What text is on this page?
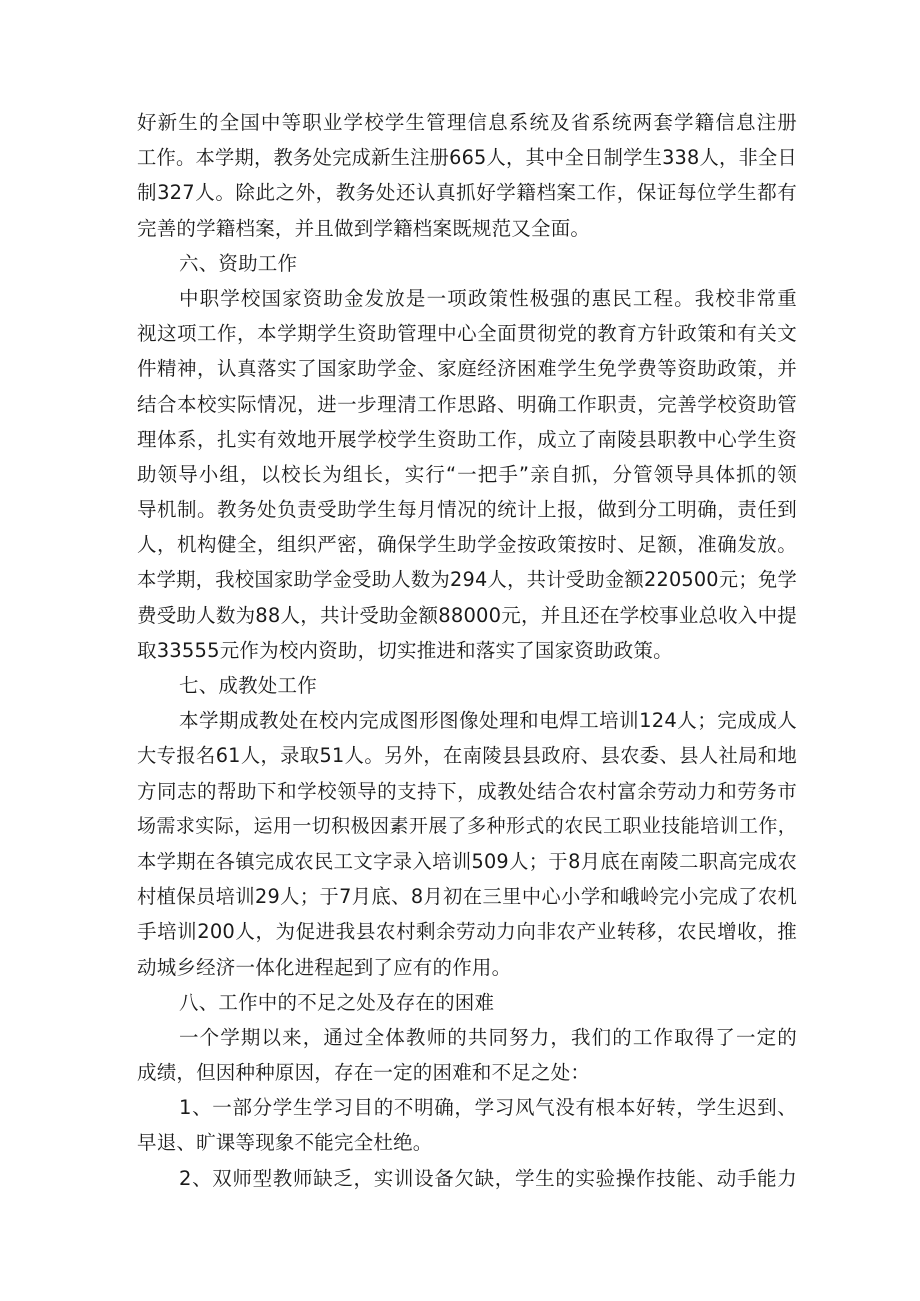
好新生的全国中等职业学校学生管理信息系统及省系统两套学籍信息注册
工作。本学期，教务处完成新生注册665人，其中全日制学生338人，非全日
制327人。除此之外，教务处还认真抓好学籍档案工作，保证每位学生都有
完善的学籍档案，并且做到学籍档案既规范又全面。
六、资助工作
中职学校国家资助金发放是一项政策性极强的惠民工程。我校非常重
视这项工作，本学期学生资助管理中心全面贯彻党的教育方针政策和有关文
件精神，认真落实了国家助学金、家庭经济困难学生免学费等资助政策，并
结合本校实际情况，进一步理清工作思路、明确工作职责，完善学校资助管
理体系，扎实有效地开展学校学生资助工作，成立了南陵县职教中心学生资
助领导小组，以校长为组长，实行“一把手”亲自抓，分管领导具体抓的领
导机制。教务处负责受助学生每月情况的统计上报，做到分工明确，责任到
人，机构健全，组织严密，确保学生助学金按政策按时、足额，准确发放。
本学期，我校国家助学金受助人数为294人，共计受助金额220500元；免学
费受助人数为88人，共计受助金额88000元，并且还在学校事业总收入中提
取33555元作为校内资助，切实推进和落实了国家资助政策。
七、成教处工作
本学期成教处在校内完成图形图像处理和电焊工培训124人；完成成人
大专报名61人，录取51人。另外，在南陵县县政府、县农委、县人社局和地
方同志的帮助下和学校领导的支持下，成教处结合农村富余劳动力和劳务市
场需求实际，运用一切积极因素开展了多种形式的农民工职业技能培训工作，
本学期在各镇完成农民工文字录入培训509人；于8月底在南陵二职高完成农
村植保员培训29人；于7月底、8月初在三里中心小学和峨岭完小完成了农机
手培训200人，为促进我县农村剩余劳动力向非农产业转移，农民增收，推
动城乡经济一体化进程起到了应有的作用。
八、工作中的不足之处及存在的困难
一个学期以来，通过全体教师的共同努力，我们的工作取得了一定的
成绩，但因种种原因，存在一定的困难和不足之处：
1、一部分学生学习目的不明确，学习风气没有根本好转，学生迟到、
早退、旷课等现象不能完全杜绝。
2、双师型教师缺乏，实训设备欠缺，学生的实验操作技能、动手能力
